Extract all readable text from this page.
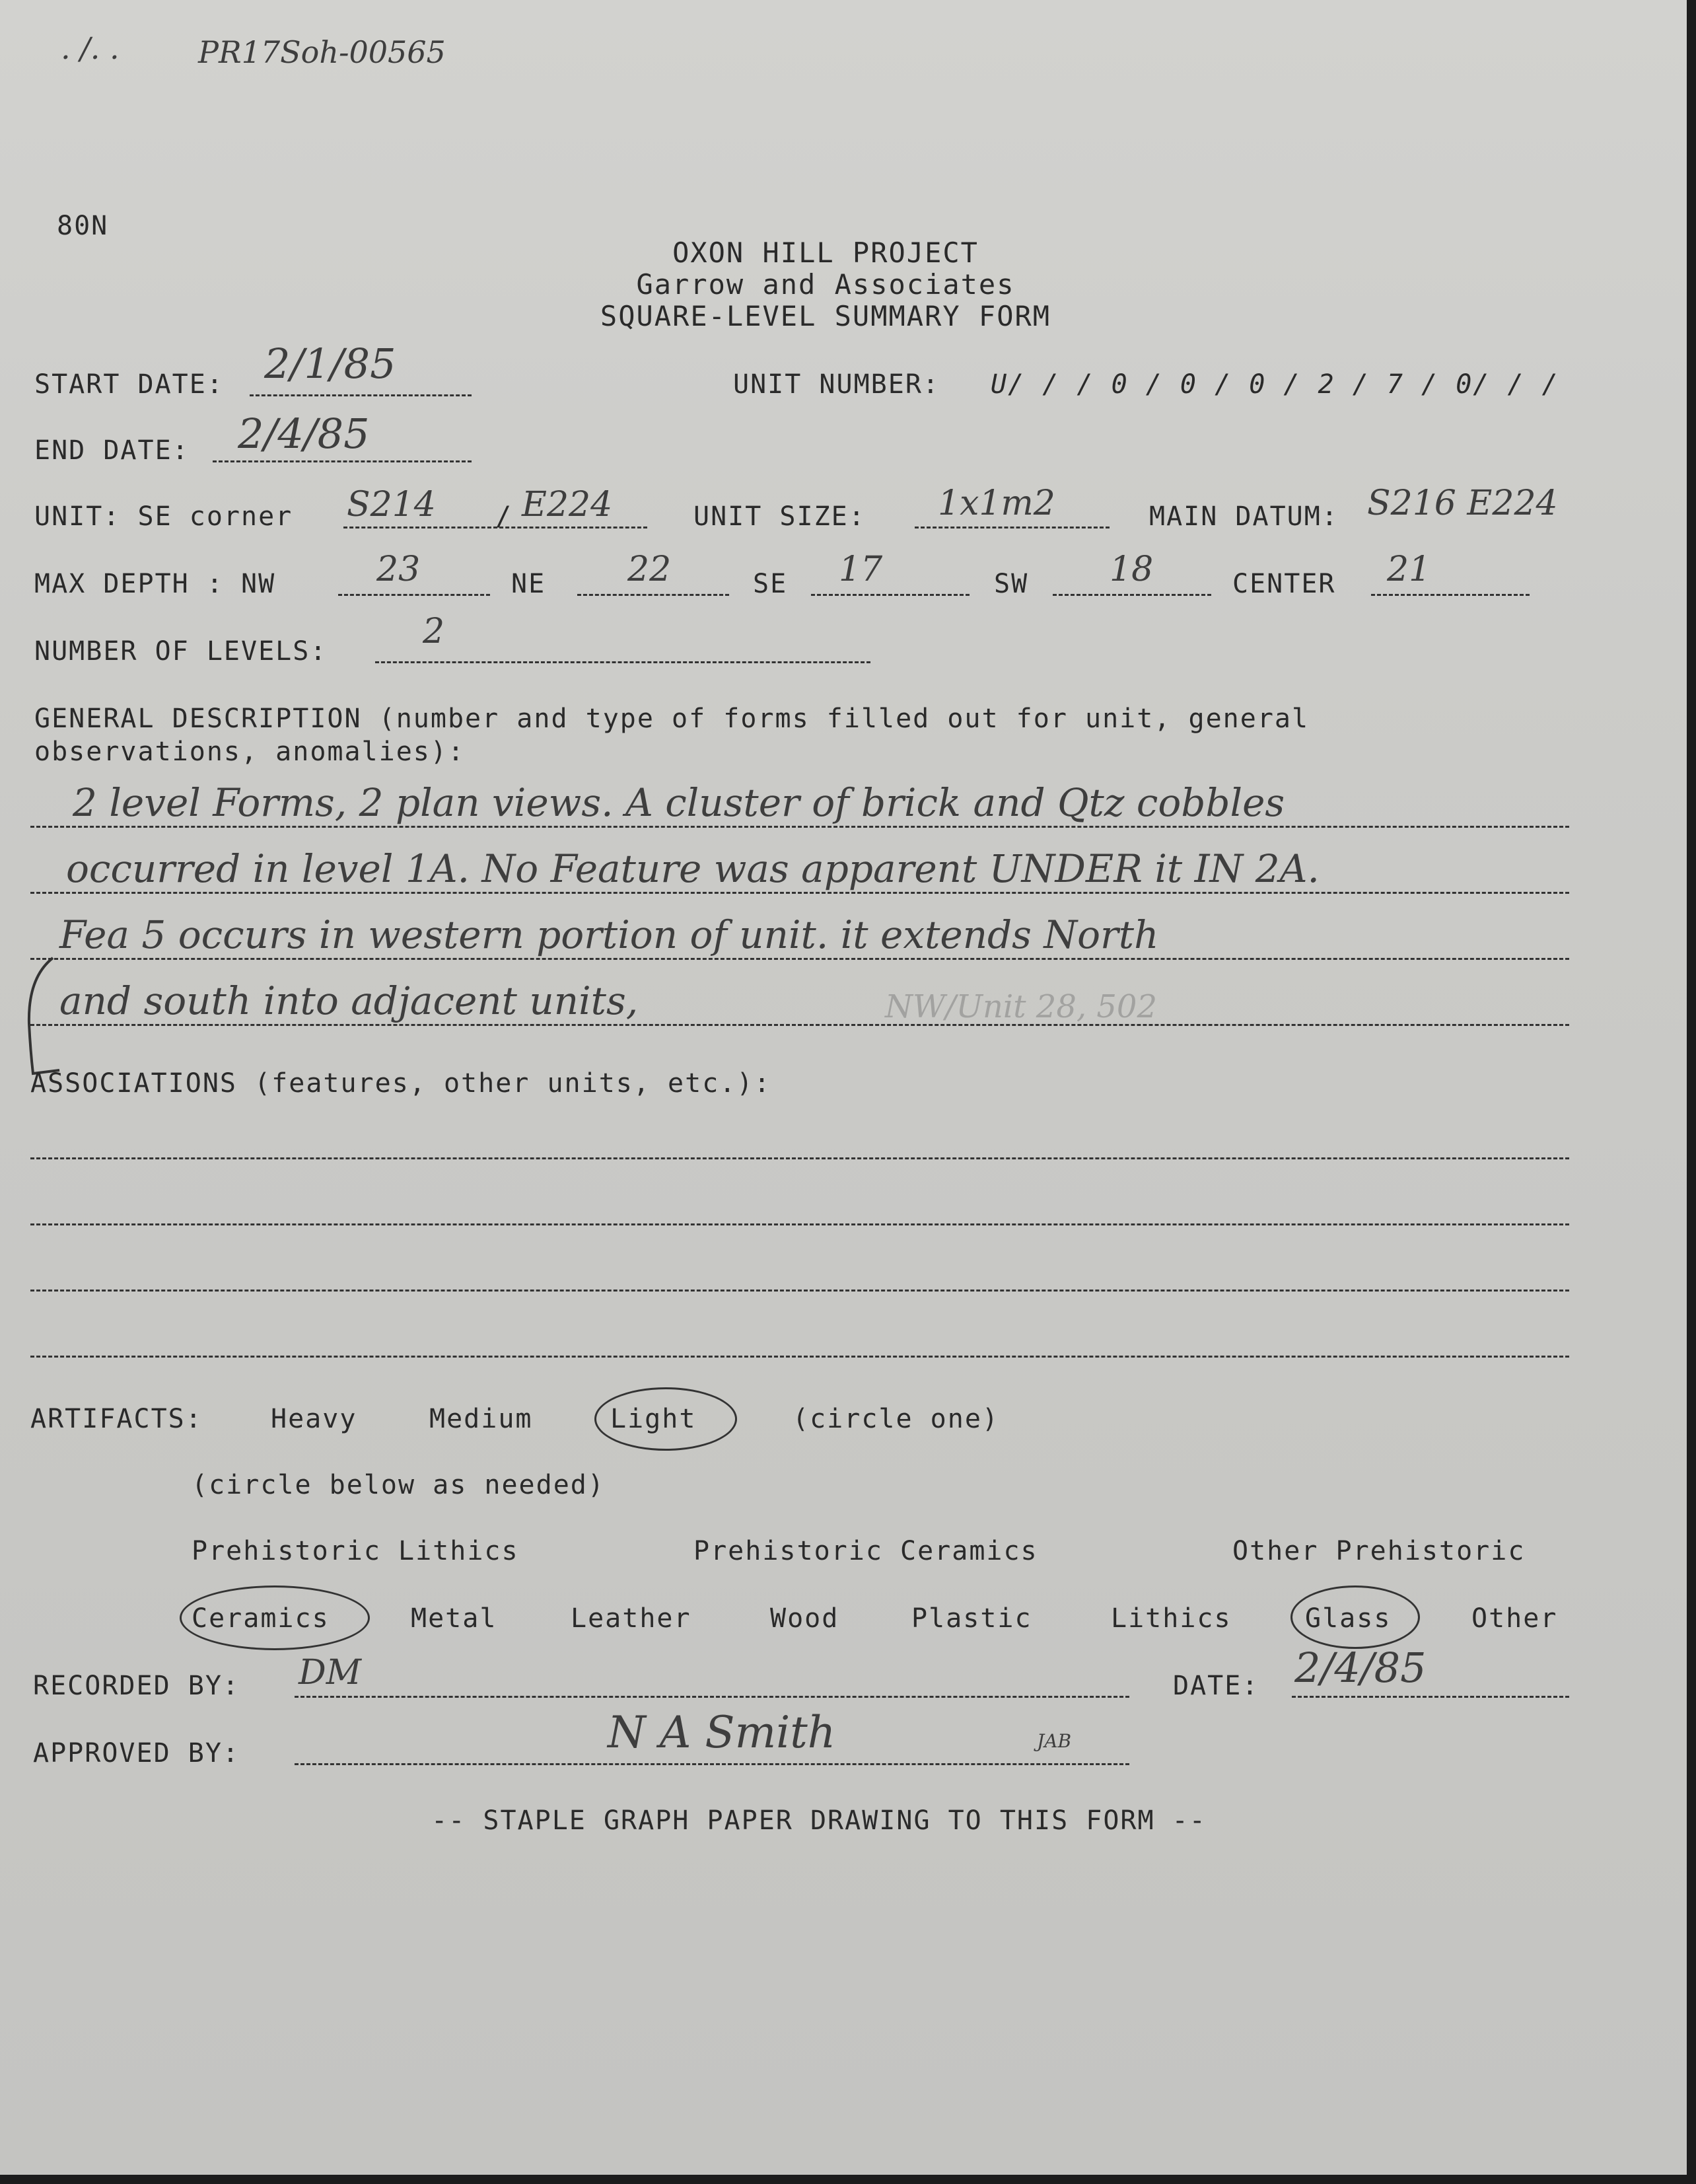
. /. .	PR17Soh-00565
80N
OXON HILL PROJECT
Garrow and Associates
SQUARE-LEVEL SUMMARY FORM
START DATE: 2/1/85	UNIT NUMBER: U/ / / 0 / 0 / 0 / 2 / 7 / 0/ / /
END DATE: 2/4/85
UNIT: SE corner S214 / E224	UNIT SIZE: 1x1m2	MAIN DATUM: S216 E224
MAX DEPTH : NW	23	NE 22	SE 17	SW 18	CENTER 21
NUMBER OF LEVELS:	2
GENERAL DESCRIPTION (number and type of forms filled out for unit, general
observations, anomalies):
2 level Forms, 2 plan views. A cluster of brick and Qtz cobbles
occurred in level 1A. No Feature was apparent UNDER it IN 2A.
Fea 5 occurs in western portion of unit. it extends North
and south into adjacent units,	NW/Unit 28, 502
ASSOCIATIONS (features, other units, etc.):
ARTIFACTS:	Heavy	Medium	Light	(circle one)
(circle below as needed)
Prehistoric Lithics	Prehistoric Ceramics	Other Prehistoric
Ceramics	Metal	Leather	Wood	Plastic	Lithics	Glass	Other
RECORDED BY: DM	DATE: 2/4/85
APPROVED BY:	N A Smith	JAB
-- STAPLE GRAPH PAPER DRAWING TO THIS FORM --
